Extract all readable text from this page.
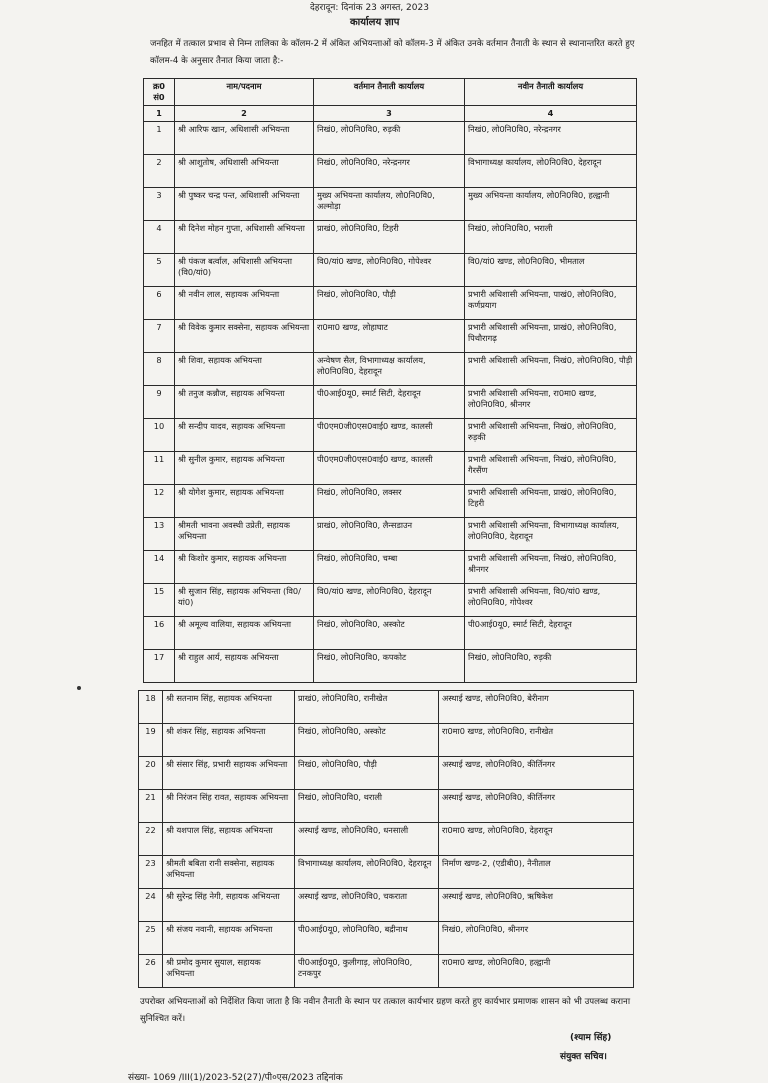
देहरादून: दिनांक 23 अगस्त, 2023
कार्यालय ज्ञाप
जनहित में तत्काल प्रभाव से निम्न तालिका के कॉलम-2 में अंकित अभियन्ताओं को कॉलम-3 में अंकित उनके वर्तमान तैनाती के स्थान से स्थानान्तरित करते हुए कॉलम-4 के अनुसार तैनात किया जाता है:-
क्र0 सं0	नाम/पदनाम	वर्तमान तैनाती कार्यालय	नवीन तैनाती कार्यालय
1	2	3	4
1	श्री आरिफ खान, अधिशासी अभियन्ता	निखं0, लो0नि0वि0, रुड़की	निखं0, लो0नि0वि0, नरेन्द्रनगर
2	श्री आशुतोष, अधिशासी अभियन्ता	निखं0, लो0नि0वि0, नरेन्द्रनगर	विभागाध्यक्ष कार्यालय, लो0नि0वि0, देहरादून
3	श्री पुष्कर चन्द्र पन्त, अधिशासी अभियन्ता	मुख्य अभियन्ता कार्यालय, लो0नि0वि0, अल्मोड़ा	मुख्य अभियन्ता कार्यालय, लो0नि0वि0, हल्द्वानी
4	श्री दिनेश मोहन गुप्ता, अधिशासी अभियन्ता	प्राखं0, लो0नि0वि0, टिहरी	निखं0, लो0नि0वि0, भराली
5	श्री पंकज बर्त्वाल, अधिशासी अभियन्ता (वि0/यां0)	वि0/यां0 खण्ड, लो0नि0वि0, गोपेश्वर	वि0/यां0 खण्ड, लो0नि0वि0, भीमताल
6	श्री नवीन लाल, सहायक अभियन्ता	निखं0, लो0नि0वि0, पौड़ी	प्रभारी अधिशासी अभियन्ता, पाखं0, लो0नि0वि0, कर्णप्रयाग
7	श्री विवेक कुमार सक्सेना, सहायक अभियन्ता	रा0मा0 खण्ड, लोहाघाट	प्रभारी अधिशासी अभियन्ता, प्राखं0, लो0नि0वि0, पिथौरागढ़
8	श्री शिवा, सहायक अभियन्ता	अन्वेषण सैल, विभागाध्यक्ष कार्यालय, लो0नि0वि0, देहरादून	प्रभारी अधिशासी अभियन्ता, निखं0, लो0नि0वि0, पौड़ी
9	श्री तनुज कन्नौज, सहायक अभियन्ता	पी0आई0यू0, स्मार्ट सिटी, देहरादून	प्रभारी अधिशासी अभियन्ता, रा0मा0 खण्ड, लो0नि0वि0, श्रीनगर
10	श्री सन्दीप यादव, सहायक अभियन्ता	पी0एम0जी0एस0वाई0 खण्ड, कालसी	प्रभारी अधिशासी अभियन्ता, निखं0, लो0नि0वि0, रुड़की
11	श्री सुनील कुमार, सहायक अभियन्ता	पी0एम0जी0एस0वाई0 खण्ड, कालसी	प्रभारी अधिशासी अभियन्ता, निखं0, लो0नि0वि0, गैरसैंण
12	श्री योगेश कुमार, सहायक अभियन्ता	निखं0, लो0नि0वि0, लक्सर	प्रभारी अधिशासी अभियन्ता, प्राखं0, लो0नि0वि0, टिहरी
13	श्रीमती भावना अवस्थी उप्रेती, सहायक अभियन्ता	प्राखं0, लो0नि0वि0, लैन्सडाउन	प्रभारी अधिशासी अभियन्ता, विभागाध्यक्ष कार्यालय, लो0नि0वि0, देहरादून
14	श्री किशोर कुमार, सहायक अभियन्ता	निखं0, लो0नि0वि0, चम्बा	प्रभारी अधिशासी अभियन्ता, निखं0, लो0नि0वि0, श्रीनगर
15	श्री सुजान सिंह, सहायक अभियन्ता (वि0/यां0)	वि0/यां0 खण्ड, लो0नि0वि0, देहरादून	प्रभारी अधिशासी अभियन्ता, वि0/यां0 खण्ड, लो0नि0वि0, गोपेश्वर
16	श्री अमूल्य वालिया, सहायक अभियन्ता	निखं0, लो0नि0वि0, अस्कोट	पी0आई0यू0, स्मार्ट सिटी, देहरादून
17	श्री राहुल आर्य, सहायक अभियन्ता	निखं0, लो0नि0वि0, कपकोट	निखं0, लो0नि0वि0, रुड़की
18	श्री सतनाम सिंह, सहायक अभियन्ता	प्राखं0, लो0नि0वि0, रानीखेत	अस्थाई खण्ड, लो0नि0वि0, बेरीनाग
19	श्री शंकर सिंह, सहायक अभियन्ता	निखं0, लो0नि0वि0, अस्कोट	रा0मा0 खण्ड, लो0नि0वि0, रानीखेत
20	श्री संसार सिंह, प्रभारी सहायक अभियन्ता	निखं0, लो0नि0वि0, पौड़ी	अस्थाई खण्ड, लो0नि0वि0, कीर्तिनगर
21	श्री निरंजन सिंह रावत, सहायक अभियन्ता	निखं0, लो0नि0वि0, थराली	अस्थाई खण्ड, लो0नि0वि0, कीर्तिनगर
22	श्री यशपाल सिंह, सहायक अभियन्ता	अस्थाई खण्ड, लो0नि0वि0, धनसाली	रा0मा0 खण्ड, लो0नि0वि0, देहरादून
23	श्रीमती बबिता रानी सक्सेना, सहायक अभियन्ता	विभागाध्यक्ष कार्यालय, लो0नि0वि0, देहरादून	निर्माण खण्ड-2, (एडीबी0), नैनीताल
24	श्री सुरेन्द्र सिंह नेगी, सहायक अभियन्ता	अस्थाई खण्ड, लो0नि0वि0, चकराता	अस्थाई खण्ड, लो0नि0वि0, ऋषिकेश
25	श्री संजय नवानी, सहायक अभियन्ता	पी0आई0यू0, लो0नि0वि0, बद्रीनाथ	निखं0, लो0नि0वि0, श्रीनगर
26	श्री प्रमोद कुमार सुयाल, सहायक अभियन्ता	पी0आई0यू0, कुलीगाड़, लो0नि0वि0, टनकपुर	रा0मा0 खण्ड, लो0नि0वि0, हल्द्वानी
उपरोक्त अभियन्ताओं को निर्देशित किया जाता है कि नवीन तैनाती के स्थान पर तत्काल कार्यभार ग्रहण करते हुए कार्यभार प्रमाणक शासन को भी उपलब्ध कराना सुनिश्चित करें।
(श्याम सिंह)
संयुक्त सचिव।
संख्या- 1069 /III(1)/2023-52(27)/पी०एस/2023 तद्दिनांक
